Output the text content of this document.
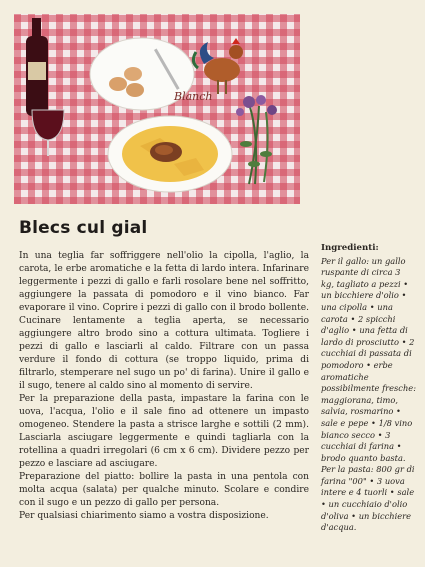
Blanch
Blecs cul gial

In una teglia far soffriggere nell'olio la cipolla, l'aglio, la carota, le erbe aromatiche e la fetta di lardo intera. Infarinare leggermente i pezzi di gallo e farli rosolare bene nel soffritto, aggiungere la passata di pomodoro e il vino bianco. Far evaporare il vino. Coprire i pezzi di gallo con il brodo bollente. Cucinare lentamente a teglia aperta, se necessario aggiungere altro brodo sino a cottura ultimata. Togliere i pezzi di gallo e lasciarli al caldo. Filtrare con un passa verdure il fondo di cottura (se troppo liquido, prima di filtrarlo, stemperare nel sugo un po' di farina). Unire il gallo e il sugo, tenere al caldo sino al momento di servire.

Per la preparazione della pasta, impastare la farina con le uova, l'acqua, l'olio e il sale fino ad ottenere un impasto omogeneo. Stendere la pasta a strisce larghe e sottili (2 mm). Lasciarla asciugare leggermente e quindi tagliarla con la rotellina a quadri irregolari (6 cm x 6 cm). Dividere pezzo per pezzo e lasciare ad asciugare.

Preparazione del piatto: bollire la pasta in una pentola con molta acqua (salata) per qualche minuto. Scolare e condire con il sugo e un pezzo di gallo per persona.

Per qualsiasi chiarimento siamo a vostra disposizione.

Ingredienti:

Per il gallo: un gallo ruspante di circa 3 kg, tagliato a pezzi • un bicchiere d'olio • una cipolla • una carota • 2 spicchi d'aglio • una fetta di lardo di prosciutto • 2 cucchiai di passata di pomodoro • erbe aromatiche possibilmente fresche: maggiorana, timo, salvia, rosmarino • sale e pepe • 1/8 vino bianco secco • 3 cucchiai di farina • brodo quanto basta.

Per la pasta: 800 gr di farina "00" • 3 uova intere e 4 tuorli • sale • un cucchiaio d'olio d'oliva • un bicchiere d'acqua.
